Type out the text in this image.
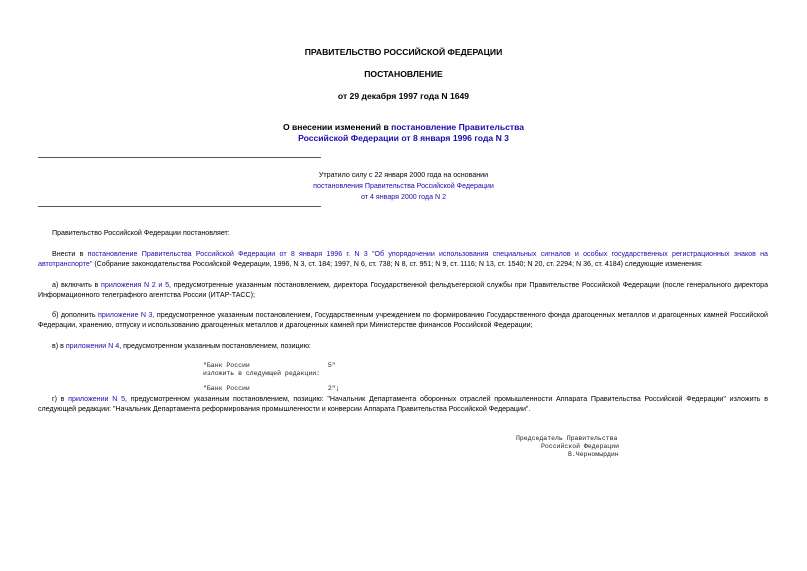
ПРАВИТЕЛЬСТВО РОССИЙСКОЙ ФЕДЕРАЦИИ
ПОСТАНОВЛЕНИЕ
от 29 декабря 1997 года N 1649
О внесении изменений в постановление Правительства
Российской Федерации от 8 января 1996 года N 3
Утратило силу с 22 января 2000 года на основании
постановления Правительства Российской Федерации
от 4 января 2000 года N 2
Правительство Российской Федерации постановляет:
Внести в постановление Правительства Российской Федерации от 8 января 1996 г. N 3 "Об упорядочении использования специальных сигналов и особых государственных регистрационных знаков на автотранспорте" (Собрание законодательства Российской Федерации, 1996, N 3, ст. 184; 1997, N 6, ст. 738; N 8, ст. 951; N 9, ст. 1116; N 13, ст. 1540; N 20, ст. 2294; N 36, ст. 4184) следующие изменения:
а) включить в приложения N 2 и 5, предусмотренные указанным постановлением, директора Государственной фельдъегерской службы при Правительстве Российской Федерации (после генерального директора Информационного телеграфного агентства России (ИТАР-ТАСС);
б) дополнить приложение N 3, предусмотренное указанным постановлением, Государственным учреждением по формированию Государственного фонда драгоценных металлов и драгоценных камней Российской Федерации, хранению, отпуску и использованию драгоценных металлов и драгоценных камней при Министерстве финансов Российской Федерации;
в) в приложении N 4, предусмотренном указанным постановлением, позицию:
"Банк России                    5"
изложить в следующей редакции:
"Банк России                    2";
г) в приложении N 5, предусмотренном указанным постановлением, позицию: "Начальник Департамента оборонных отраслей промышленности Аппарата Правительства Российской Федерации" изложить в следующей редакции: "Начальник Департамента реформирования промышленности и конверсии Аппарата Правительства Российской Федерации".
Председатель Правительства
Российской Федерации
В.Черномырдин
